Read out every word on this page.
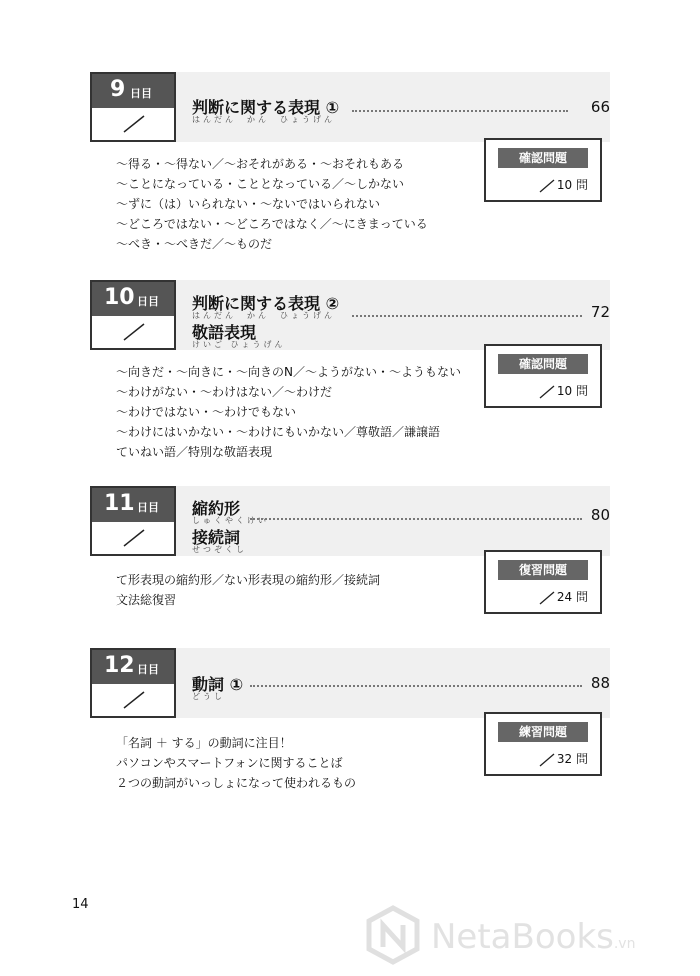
9 日目
判断に関する表現 ①
はんだん　かん　ひょうげん
66
～得る・～得ない／～おそれがある・～おそれもある
～ことになっている・こととなっている／～しかない
～ずに（は）いられない・～ないではいられない
～どころではない・～どころではなく／～にきまっている
～べき・～べきだ／～ものだ
確認問題
10 問
10 日目 判断に関する表現 ②
はんだん　かん　ひょうげん
敬語表現
けいご ひょうげん
72
～向きだ・～向きに・～向きのN／～ようがない・～ようもない
～わけがない・～わけはない／～わけだ
～わけではない・～わけでもない
～わけにはいかない・～わけにもいかない／尊敬語／謙譲語
ていねい語／特別な敬語表現
確認問題
10 問
11 日目 縮約形
しゅくやくけい
接続詞
せつぞくし
80
て形表現の縮約形／ない形表現の縮約形／接続詞
文法総復習
復習問題
24 問
12 日目
動詞 ①
どうし
88
「名詞 ＋ する」の動詞に注目！
パソコンやスマートフォンに関することば
２つの動詞がいっしょになって使われるもの
練習問題
32 問
14
NetaBooks.vn
